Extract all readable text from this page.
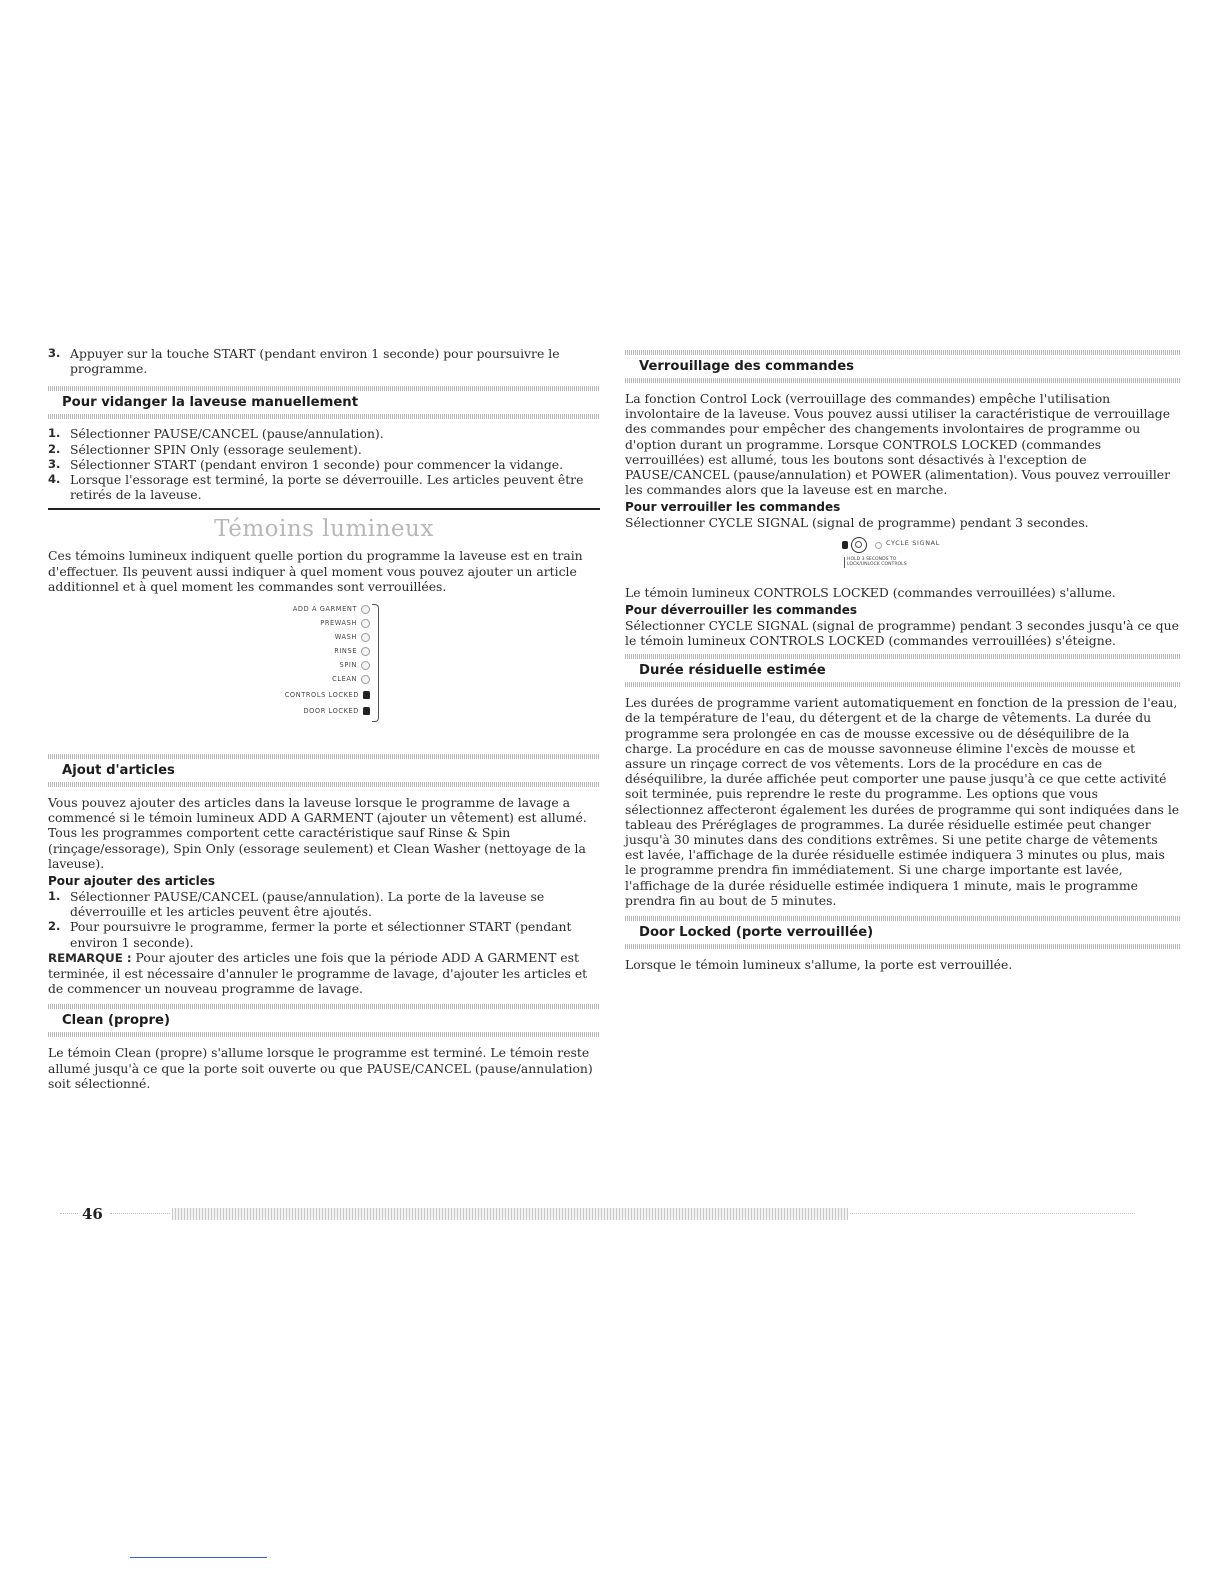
3. Appuyer sur la touche START (pendant environ 1 seconde) pour poursuivre le programme.
Pour vidanger la laveuse manuellement
1. Sélectionner PAUSE/CANCEL (pause/annulation).
2. Sélectionner SPIN Only (essorage seulement).
3. Sélectionner START (pendant environ 1 seconde) pour commencer la vidange.
4. Lorsque l'essorage est terminé, la porte se déverrouille. Les articles peuvent être retirés de la laveuse.
Témoins lumineux

Ces témoins lumineux indiquent quelle portion du programme la laveuse est en train d'effectuer. Ils peuvent aussi indiquer à quel moment vous pouvez ajouter un article additionnel et à quel moment les commandes sont verrouillées.

ADD A GARMENT
PREWASH
WASH
RINSE
SPIN
CLEAN
CONTROLS LOCKED
DOOR LOCKED
Ajout d'articles

Vous pouvez ajouter des articles dans la laveuse lorsque le programme de lavage a commencé si le témoin lumineux ADD A GARMENT (ajouter un vêtement) est allumé. Tous les programmes comportent cette caractéristique sauf Rinse & Spin (rinçage/essorage), Spin Only (essorage seulement) et Clean Washer (nettoyage de la laveuse).

Pour ajouter des articles
1. Sélectionner PAUSE/CANCEL (pause/annulation). La porte de la laveuse se déverrouille et les articles peuvent être ajoutés.
2. Pour poursuivre le programme, fermer la porte et sélectionner START (pendant environ 1 seconde).

REMARQUE : Pour ajouter des articles une fois que la période ADD A GARMENT est terminée, il est nécessaire d'annuler le programme de lavage, d'ajouter les articles et de commencer un nouveau programme de lavage.

Clean (propre)

Le témoin Clean (propre) s'allume lorsque le programme est terminé. Le témoin reste allumé jusqu'à ce que la porte soit ouverte ou que PAUSE/CANCEL (pause/annulation) soit sélectionné.

Verrouillage des commandes

La fonction Control Lock (verrouillage des commandes) empêche l'utilisation involontaire de la laveuse. Vous pouvez aussi utiliser la caractéristique de verrouillage des commandes pour empêcher des changements involontaires de programme ou d'option durant un programme. Lorsque CONTROLS LOCKED (commandes verrouillées) est allumé, tous les boutons sont désactivés à l'exception de PAUSE/CANCEL (pause/annulation) et POWER (alimentation). Vous pouvez verrouiller les commandes alors que la laveuse est en marche.

Pour verrouiller les commandes

Sélectionner CYCLE SIGNAL (signal de programme) pendant 3 secondes.

CYCLE SIGNAL
HOLD 3 SECONDS TO
LOCK/UNLOCK CONTROLS

Le témoin lumineux CONTROLS LOCKED (commandes verrouillées) s'allume.

Pour déverrouiller les commandes

Sélectionner CYCLE SIGNAL (signal de programme) pendant 3 secondes jusqu'à ce que le témoin lumineux CONTROLS LOCKED (commandes verrouillées) s'éteigne.

Durée résiduelle estimée

Les durées de programme varient automatiquement en fonction de la pression de l'eau, de la température de l'eau, du détergent et de la charge de vêtements. La durée du programme sera prolongée en cas de mousse excessive ou de déséquilibre de la charge. La procédure en cas de mousse savonneuse élimine l'excès de mousse et assure un rinçage correct de vos vêtements. Lors de la procédure en cas de déséquilibre, la durée affichée peut comporter une pause jusqu'à ce que cette activité soit terminée, puis reprendre le reste du programme. Les options que vous sélectionnez affecteront également les durées de programme qui sont indiquées dans le tableau des Préréglages de programmes. La durée résiduelle estimée peut changer jusqu'à 30 minutes dans des conditions extrêmes. Si une petite charge de vêtements est lavée, l'affichage de la durée résiduelle estimée indiquera 3 minutes ou plus, mais le programme prendra fin immédiatement. Si une charge importante est lavée, l'affichage de la durée résiduelle estimée indiquera 1 minute, mais le programme prendra fin au bout de 5 minutes.

Door Locked (porte verrouillée)

Lorsque le témoin lumineux s'allume, la porte est verrouillée.

46
